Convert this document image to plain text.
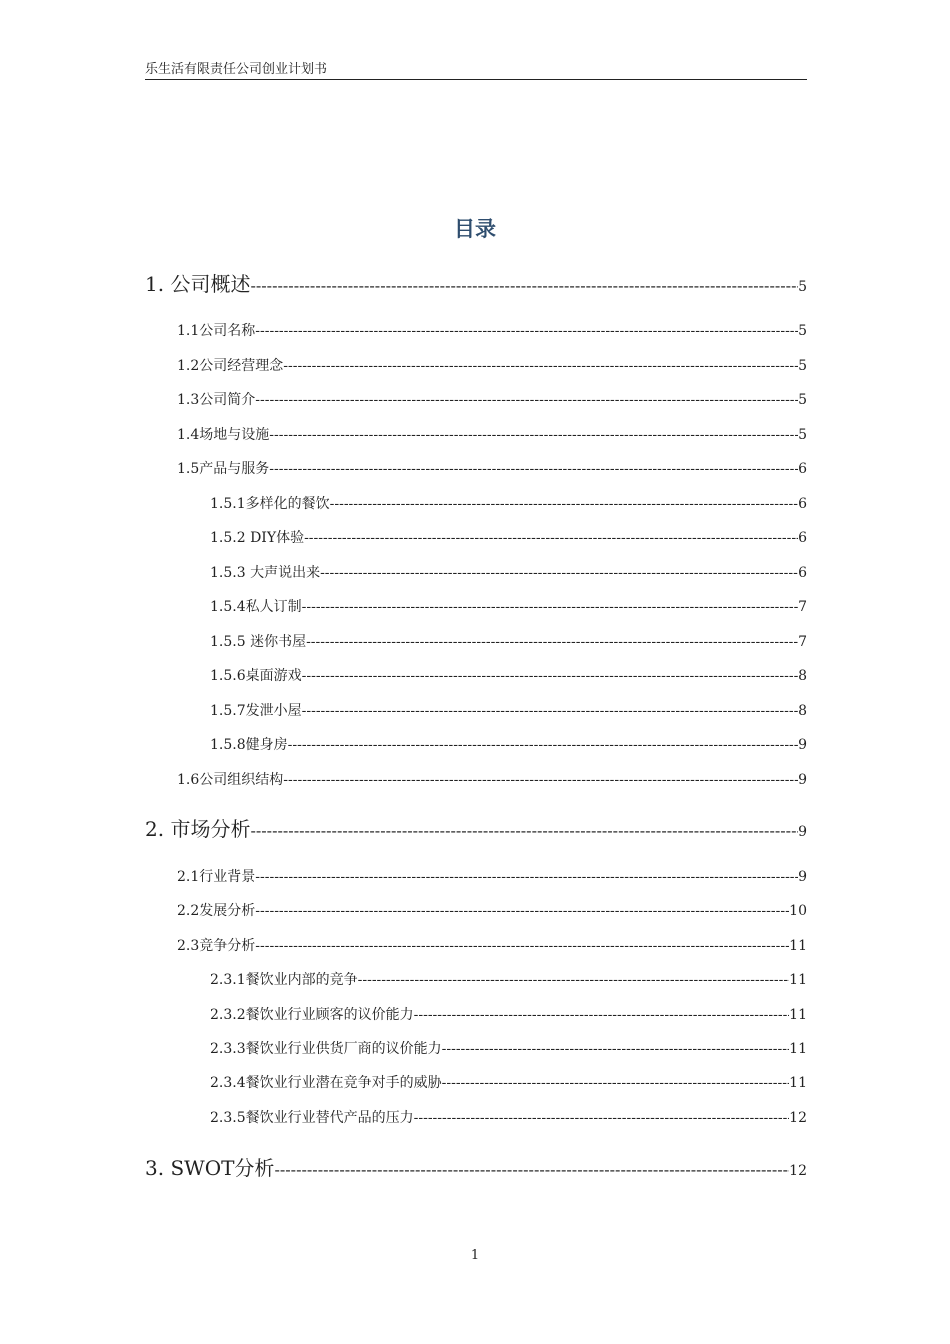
乐生活有限责任公司创业计划书
目录
1. 公司概述 -----	5
1.1公司名称 -----	5
1.2公司经营理念 -----	5
1.3公司简介 -----	5
1.4场地与设施 -----	5
1.5产品与服务 -----	6
1.5.1多样化的餐饮 -----	6
1.5.2 DIY体验 -----	6
1.5.3 大声说出来 -----	6
1.5.4私人订制 -----	7
1.5.5 迷你书屋 -----	7
1.5.6桌面游戏 -----	8
1.5.7发泄小屋 -----	8
1.5.8健身房 -----	9
1.6公司组织结构 -----	9
2. 市场分析 -----	9
2.1行业背景 -----	9
2.2发展分析 -----	10
2.3竞争分析 -----	11
2.3.1餐饮业内部的竞争 -----	11
2.3.2餐饮业行业顾客的议价能力 -----	11
2.3.3餐饮业行业供货厂商的议价能力 -----	11
2.3.4餐饮业行业潜在竞争对手的威胁 -----	11
2.3.5餐饮业行业替代产品的压力 -----	12
3. SWOT分析 -----	12
1
